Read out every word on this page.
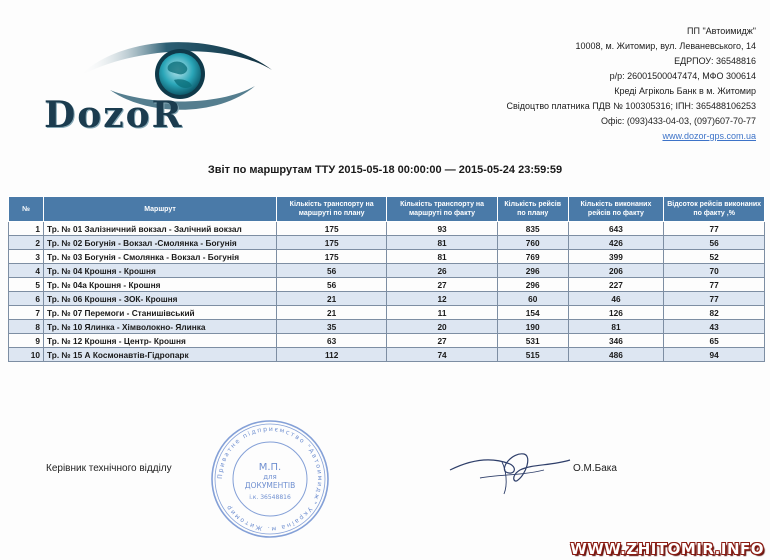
DozoR
ПП "Автоимидж"
10008, м. Житомир, вул. Леваневського, 14
ЕДРПОУ: 36548816
р/р: 26001500047474, МФО 300614
Креді Агріколь Банк в м. Житомир
Свідоцтво платника ПДВ № 100305316; ІПН: 365488106253
Офіс: (093)433-04-03, (097)607-70-77
www.dozor-gps.com.ua
Звіт по маршрутам ТТУ 2015-05-18 00:00:00 — 2015-05-24 23:59:59
№	Маршрут	Кількість транспорту на маршруті по плану	Кількість транспорту на маршруті по факту	Кількість рейсів по плану	Кількість виконаних рейсів по факту	Відсоток рейсів виконаних по факту ,%
1	Тр. № 01 Залізничний вокзал - Залічний вокзал	175	93	835	643	77
2	Тр. № 02 Богунія - Вокзал -Смолянка - Богунія	175	81	760	426	56
3	Тр. № 03 Богунія - Смолянка - Вокзал - Богунія	175	81	769	399	52
4	Тр. № 04 Крошня - Крошня	56	26	296	206	70
5	Тр. № 04а Крошня - Крошня	56	27	296	227	77
6	Тр. № 06 Крошня - ЗОК- Крошня	21	12	60	46	77
7	Тр. № 07 Перемоги - Станишівський	21	11	154	126	82
8	Тр. № 10 Ялинка - Хімволокно- Ялинка	35	20	190	81	43
9	Тр. № 12 Крошня - Центр- Крошня	63	27	531	346	65
10	Тр. № 15 А Космонавтів-Гідропарк	112	74	515	486	94
Керівник технічного відділу
Приватне підприємство "Автоимидж" Україна м. Житомир
М.П.
для
ДОКУМЕНТІВ
і.к. 36548816
О.М.Бака
WWW.ZHITOMIR.INFO
